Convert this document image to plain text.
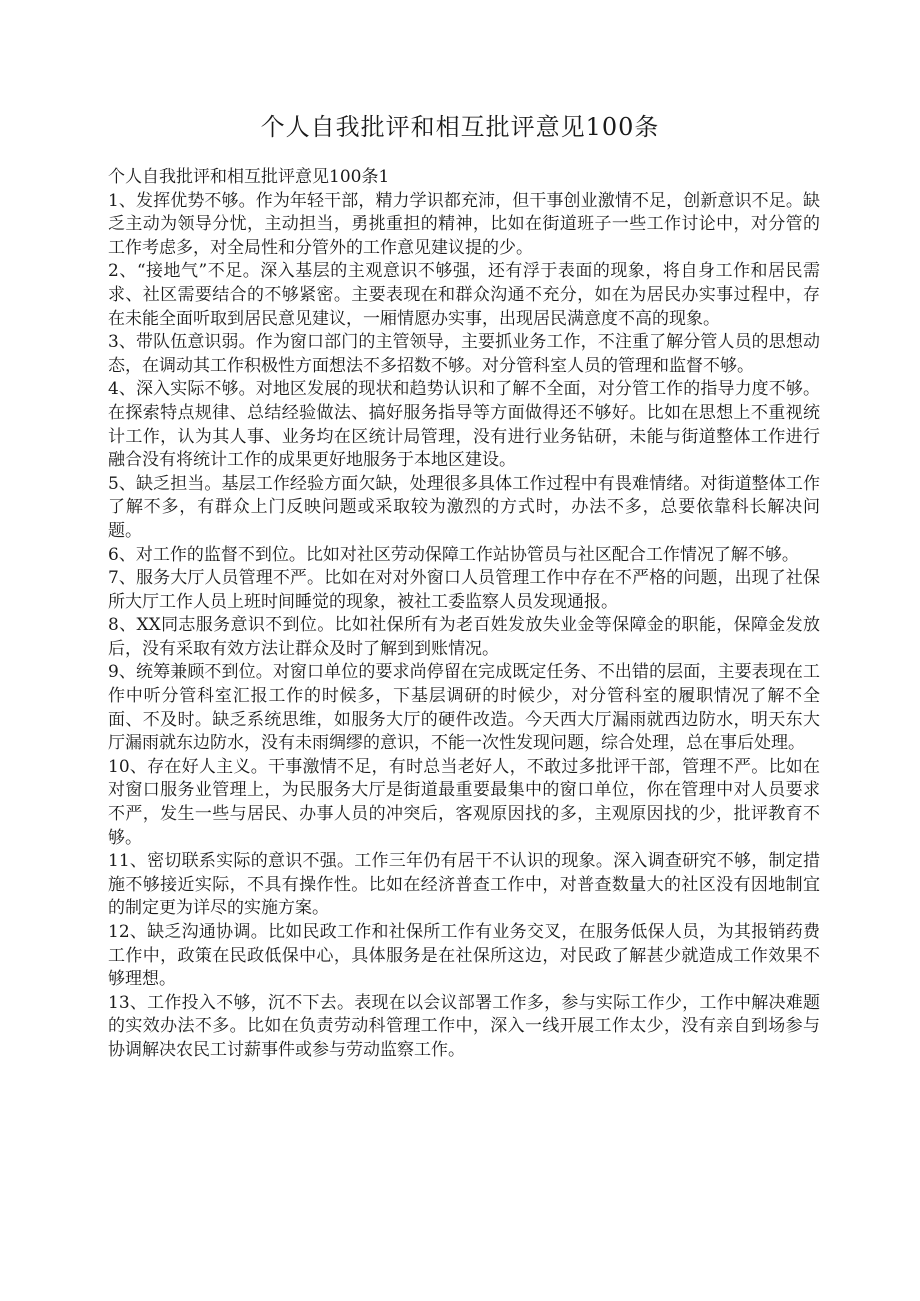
个人自我批评和相互批评意见100条

个人自我批评和相互批评意见100条1

1、发挥优势不够。作为年轻干部，精力学识都充沛，但干事创业激情不足，创新意识不足。缺乏主动为领导分忧，主动担当，勇挑重担的精神，比如在街道班子一些工作讨论中，对分管的工作考虑多，对全局性和分管外的工作意见建议提的少。

2、“接地气”不足。深入基层的主观意识不够强，还有浮于表面的现象，将自身工作和居民需求、社区需要结合的不够紧密。主要表现在和群众沟通不充分，如在为居民办实事过程中，存在未能全面听取到居民意见建议，一厢情愿办实事，出现居民满意度不高的现象。

3、带队伍意识弱。作为窗口部门的主管领导，主要抓业务工作，不注重了解分管人员的思想动态，在调动其工作积极性方面想法不多招数不够。对分管科室人员的管理和监督不够。

4、深入实际不够。对地区发展的现状和趋势认识和了解不全面，对分管工作的指导力度不够。在探索特点规律、总结经验做法、搞好服务指导等方面做得还不够好。比如在思想上不重视统计工作，认为其人事、业务均在区统计局管理，没有进行业务钻研，未能与街道整体工作进行融合没有将统计工作的成果更好地服务于本地区建设。

5、缺乏担当。基层工作经验方面欠缺，处理很多具体工作过程中有畏难情绪。对街道整体工作了解不多，有群众上门反映问题或采取较为激烈的方式时，办法不多，总要依靠科长解决问题。

6、对工作的监督不到位。比如对社区劳动保障工作站协管员与社区配合工作情况了解不够。

7、服务大厅人员管理不严。比如在对对外窗口人员管理工作中存在不严格的问题，出现了社保所大厅工作人员上班时间睡觉的现象，被社工委监察人员发现通报。

8、XX同志服务意识不到位。比如社保所有为老百姓发放失业金等保障金的职能，保障金发放后，没有采取有效方法让群众及时了解到到账情况。

9、统筹兼顾不到位。对窗口单位的要求尚停留在完成既定任务、不出错的层面，主要表现在工作中听分管科室汇报工作的时候多，下基层调研的时候少，对分管科室的履职情况了解不全面、不及时。缺乏系统思维，如服务大厅的硬件改造。今天西大厅漏雨就西边防水，明天东大厅漏雨就东边防水，没有未雨绸缪的意识，不能一次性发现问题，综合处理，总在事后处理。

10、存在好人主义。干事激情不足，有时总当老好人，不敢过多批评干部，管理不严。比如在对窗口服务业管理上，为民服务大厅是街道最重要最集中的窗口单位，你在管理中对人员要求不严，发生一些与居民、办事人员的冲突后，客观原因找的多，主观原因找的少，批评教育不够。

11、密切联系实际的意识不强。工作三年仍有居干不认识的现象。深入调查研究不够，制定措施不够接近实际，不具有操作性。比如在经济普查工作中，对普查数量大的社区没有因地制宜的制定更为详尽的实施方案。

12、缺乏沟通协调。比如民政工作和社保所工作有业务交叉，在服务低保人员，为其报销药费工作中，政策在民政低保中心，具体服务是在社保所这边，对民政了解甚少就造成工作效果不够理想。

13、工作投入不够，沉不下去。表现在以会议部署工作多，参与实际工作少，工作中解决难题的实效办法不多。比如在负责劳动科管理工作中，深入一线开展工作太少，没有亲自到场参与协调解决农民工讨薪事件或参与劳动监察工作。
